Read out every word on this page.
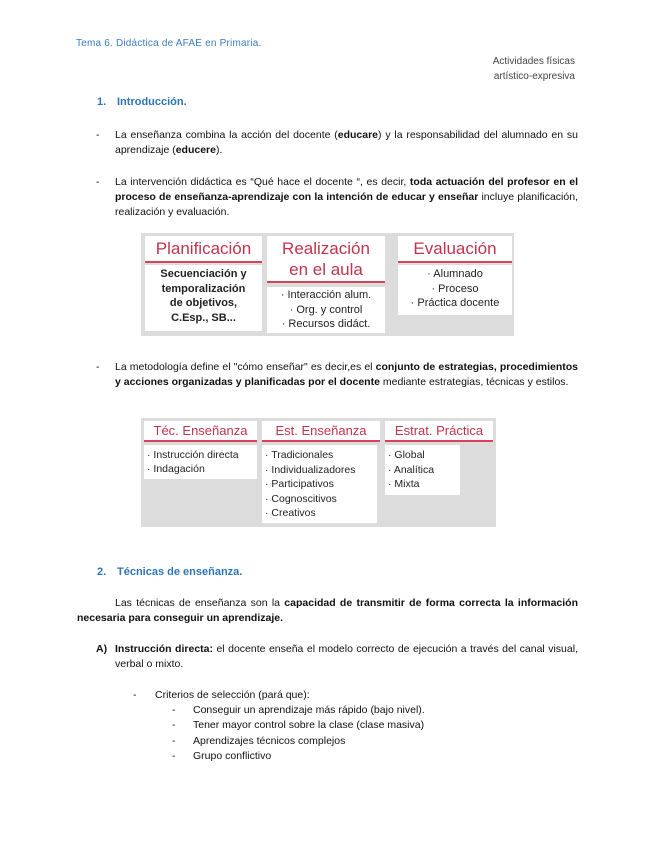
Tema 6. Didáctica de AFAE en Primaria.
Actividades físicas
artístico-expresiva
1. Introducción.
- La enseñanza combina la acción del docente (educare) y la responsabilidad del alumnado en su aprendizaje (educere).
- La intervención didáctica es “Qué hace el docente “, es decir, toda actuación del profesor en el proceso de enseñanza-aprendizaje con la intención de educar y enseñar incluye planificación, realización y evaluación.
Planificación
Secuenciación y
temporalización
de objetivos,
C.Esp., SB...
Realización
en el aula
· Interacción alum.
· Org. y control
· Recursos didáct.
Evaluación
· Alumnado
· Proceso
· Práctica docente
- La metodología define el "cómo enseñar" es decir,es el conjunto de estrategias, procedimientos y acciones organizadas y planificadas por el docente mediante estrategias, técnicas y estilos.
Téc. Enseñanza
· Instrucción directa
· Indagación
Est. Enseñanza
· Tradicionales
· Individualizadores
· Participativos
· Cognoscitivos
· Creativos
Estrat. Práctica
· Global
· Analítica
· Mixta
2. Técnicas de enseñanza.
Las técnicas de enseñanza son la capacidad de transmitir de forma correcta la información necesaria para conseguir un aprendizaje.
A) Instrucción directa: el docente enseña el modelo correcto de ejecución a través del canal visual, verbal o mixto.
- Criterios de selección (pará que):
- Conseguir un aprendizaje más rápido (bajo nivel).
- Tener mayor control sobre la clase (clase masiva)
- Aprendizajes técnicos complejos
- Grupo conflictivo
